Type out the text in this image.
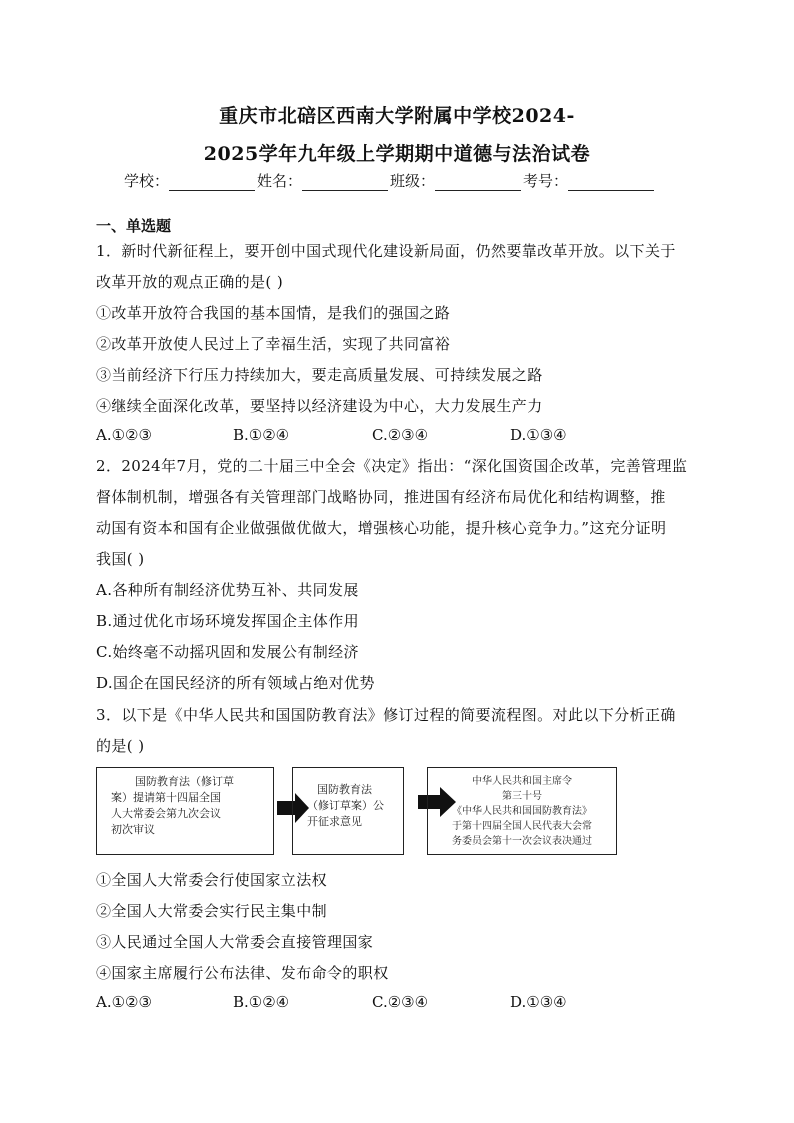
重庆市北碚区西南大学附属中学校2024-
2025学年九年级上学期期中道德与法治试卷
学校：	姓名：	班级：	考号：
一、单选题
1．新时代新征程上，要开创中国式现代化建设新局面，仍然要靠改革开放。以下关于
改革开放的观点正确的是( )
①改革开放符合我国的基本国情，是我们的强国之路
②改革开放使人民过上了幸福生活，实现了共同富裕
③当前经济下行压力持续加大，要走高质量发展、可持续发展之路
④继续全面深化改革，要坚持以经济建设为中心，大力发展生产力
A.①②③	B.①②④	C.②③④	D.①③④
2．2024年7月，党的二十届三中全会《决定》指出：“深化国资国企改革，完善管理监
督体制机制，增强各有关管理部门战略协同，推进国有经济布局优化和结构调整，推
动国有资本和国有企业做强做优做大，增强核心功能，提升核心竞争力。”这充分证明
我国( )
A.各种所有制经济优势互补、共同发展
B.通过优化市场环境发挥国企主体作用
C.始终毫不动摇巩固和发展公有制经济
D.国企在国民经济的所有领域占绝对优势
3．以下是《中华人民共和国国防教育法》修订过程的简要流程图。对此以下分析正确
的是( )
国防教育法（修订草
案）提请第十四届全国
人大常委会第九次会议
初次审议
国防教育法
（修订草案）公
开征求意见
中华人民共和国主席令
第三十号
《中华人民共和国国防教育法》
于第十四届全国人民代表大会常
务委员会第十一次会议表决通过
①全国人大常委会行使国家立法权
②全国人大常委会实行民主集中制
③人民通过全国人大常委会直接管理国家
④国家主席履行公布法律、发布命令的职权
A.①②③	B.①②④	C.②③④	D.①③④
